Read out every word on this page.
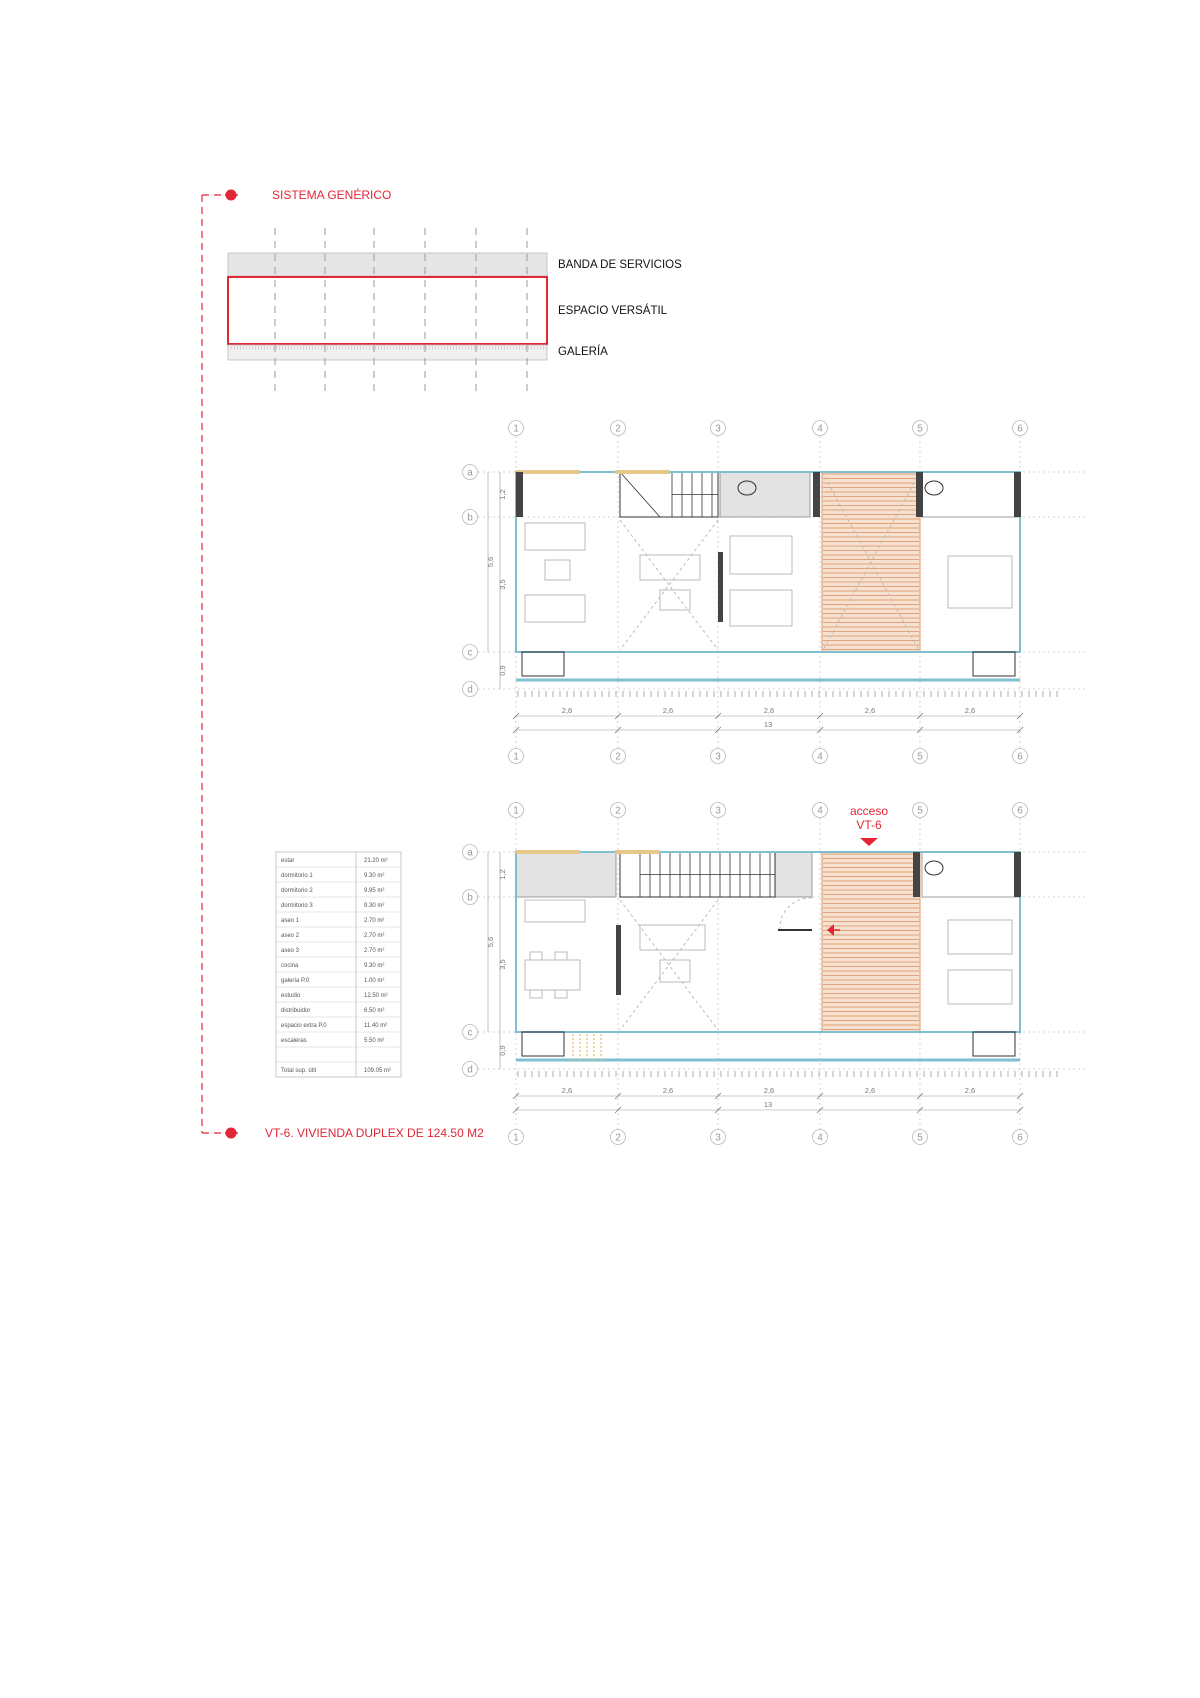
SISTEMA GENÉRICO
VT-6. VIVIENDA DUPLEX DE 124.50 M2
BANDA DE SERVICIOS
ESPACIO VERSÁTIL
GALERÍA
1
1
2
2
3
3
4
4
5
5
6
6
a
b
c
d
1,2
3,5
0,9
5,6
2,6	2,6	2,6	2,6	2,6
13
1
1
2
2
3
3
4
4
5
5
6
6
a
b
c
d
1,2
3,5
0,9
5,6
2,6	2,6	2,6	2,6	2,6
13
acceso
VT-6
estar	21.20 m²
dormitorio 1	9.30 m²
dormitorio 2	9.95 m²
dormitorio 3	9.30 m²
aseo 1	2.70 m²
aseo 2	2.70 m²
aseo 3	2.70 m²
cocina	9.30 m²
galería P.0	1.00 m²
estudio	12.50 m²
distribuidor	6.50 m²
espacio extra P.0	11.40 m²
escaleras	5.50 m²
Total sup. útil	109.05 m²
